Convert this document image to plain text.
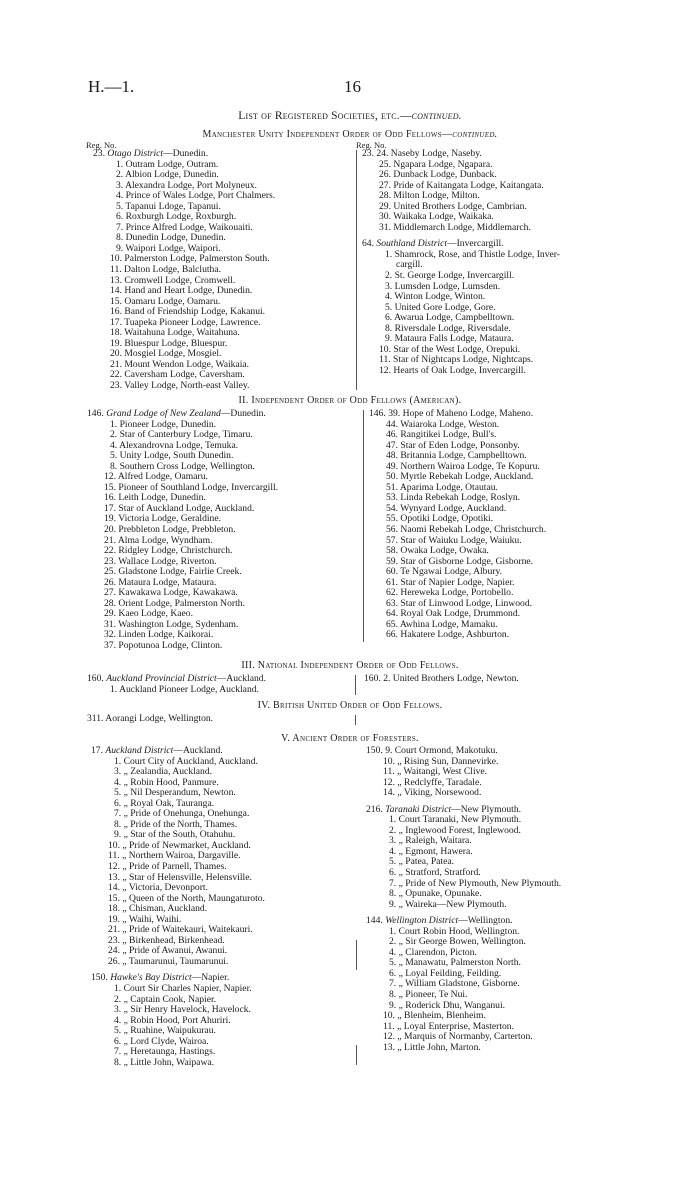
H.—1.	16
List of Registered Societies, etc.—continued.
Manchester Unity Independent Order of Odd Fellows—continued.
Reg. No.	Reg. No.
23. Otago District—Dunedin.
1. Outram Lodge, Outram.
2. Albion Lodge, Dunedin.
3. Alexandra Lodge, Port Molyneux.
4. Prince of Wales Lodge, Port Chalmers.
5. Tapanui Ldoge, Tapanui.
6. Roxburgh Lodge, Roxburgh.
7. Prince Alfred Lodge, Waikouaiti.
8. Dunedin Lodge, Dunedin.
9. Waipori Lodge, Waipori.
10. Palmerston Lodge, Palmerston South.
11. Dalton Lodge, Balclutha.
13. Cromwell Lodge, Cromwell.
14. Hand and Heart Lodge, Dunedin.
15. Oamaru Lodge, Oamaru.
16. Band of Friendship Lodge, Kakanui.
17. Tuapeka Pioneer Lodge, Lawrence.
18. Waitahuna Lodge, Waitahuna.
19. Bluespur Lodge, Bluespur.
20. Mosgiel Lodge, Mosgiel.
21. Mount Wendon Lodge, Waikaia.
22. Caversham Lodge, Caversham.
23. Valley Lodge, North-east Valley.
23. 24. Naseby Lodge, Naseby.
25. Ngapara Lodge, Ngapara.
26. Dunback Lodge, Dunback.
27. Pride of Kaitangata Lodge, Kaitangata.
28. Milton Lodge, Milton.
29. United Brothers Lodge, Cambrian.
30. Waikaka Lodge, Waikaka.
31. Middlemarch Lodge, Middlemarch.

64. Southland District—Invercargill.
1. Shamrock, Rose, and Thistle Lodge, Inver-
cargill.
2. St. George Lodge, Invercargill.
3. Lumsden Lodge, Lumsden.
4. Winton Lodge, Winton.
5. United Gore Lodge, Gore.
6. Awarua Lodge, Campbelltown.
8. Riversdale Lodge, Riversdale.
9. Mataura Falls Lodge, Mataura.
10. Star of the West Lodge, Orepuki.
11. Star of Nightcaps Lodge, Nightcaps.
12. Hearts of Oak Lodge, Invercargill.
II. Independent Order of Odd Fellows (American).
146. Grand Lodge of New Zealand—Dunedin.
1. Pioneer Lodge, Dunedin.
2. Star of Canterbury Lodge, Timaru.
4. Alexandrovna Lodge, Temuka.
5. Unity Lodge, South Dunedin.
8. Southern Cross Lodge, Wellington.
12. Alfred Lodge, Oamaru.
15. Pioneer of Southland Lodge, Invercargill.
16. Leith Lodge, Dunedin.
17. Star of Auckland Lodge, Auckland.
19. Victoria Lodge, Geraldine.
20. Prebbleton Lodge, Prebbleton.
21. Alma Lodge, Wyndham.
22. Ridgley Lodge, Christchurch.
23. Wallace Lodge, Riverton.
25. Gladstone Lodge, Fairlie Creek.
26. Mataura Lodge, Mataura.
27. Kawakawa Lodge, Kawakawa.
28. Orient Lodge, Palmerston North.
29. Kaeo Lodge, Kaeo.
31. Washington Lodge, Sydenham.
32. Linden Lodge, Kaikorai.
37. Popotunoa Lodge, Clinton.
146. 39. Hope of Maheno Lodge, Maheno.
44. Waiaroka Lodge, Weston.
46. Rangitikei Lodge, Bull's.
47. Star of Eden Lodge, Ponsonby.
48. Britannia Lodge, Campbelltown.
49. Northern Wairoa Lodge, Te Kopuru.
50. Myrtle Rebekah Lodge, Auckland.
51. Aparima Lodge, Otautau.
53. Linda Rebekah Lodge, Roslyn.
54. Wynyard Lodge, Auckland.
55. Opotiki Lodge, Opotiki.
56. Naomi Rebekah Lodge, Christchurch.
57. Star of Waiuku Lodge, Waiuku.
58. Owaka Lodge, Owaka.
59. Star of Gisborne Lodge, Gisborne.
60. Te Ngawai Lodge, Albury.
61. Star of Napier Lodge, Napier.
62. Hereweka Lodge, Portobello.
63. Star of Linwood Lodge, Linwood.
64. Royal Oak Lodge, Drummond.
65. Awhina Lodge, Mamaku.
66. Hakatere Lodge, Ashburton.
III. National Independent Order of Odd Fellows.
160. Auckland Provincial District—Auckland.
1. Auckland Pioneer Lodge, Auckland.
160. 2. United Brothers Lodge, Newton.
IV. British United Order of Odd Fellows.
311. Aorangi Lodge, Wellington.
V. Ancient Order of Foresters.
17. Auckland District—Auckland.
1. Court City of Auckland, Auckland.
3. „ Zealandia, Auckland.
4. „ Robin Hood, Panmure.
5. „ Nil Desperandum, Newton.
6. „ Royal Oak, Tauranga.
7. „ Pride of Onehunga, Onehunga.
8. „ Pride of the North, Thames.
9. „ Star of the South, Otahuhu.
10. „ Pride of Newmarket, Auckland.
11. „ Northern Wairoa, Dargaville.
12. „ Pride of Parnell, Thames.
13. „ Star of Helensville, Helensville.
14. „ Victoria, Devonport.
15. „ Queen of the North, Maungaturoto.
18. „ Chisman, Auckland.
19. „ Waihi, Waihi.
21. „ Pride of Waitekauri, Waitekauri.
23. „ Birkenhead, Birkenhead.
24. „ Pride of Awanui, Awanui.
26. „ Taumarunui, Taumarunui.

150. Hawke's Bay District—Napier.
1. Court Sir Charles Napier, Napier.
2. „ Captain Cook, Napier.
3. „ Sir Henry Havelock, Havelock.
4. „ Robin Hood, Port Ahuriri.
5. „ Ruahine, Waipukurau.
6. „ Lord Clyde, Wairoa.
7. „ Heretaunga, Hastings.
8. „ Little John, Waipawa.
150. 9. Court Ormond, Makotuku.
10. „ Rising Sun, Dannevirke.
11. „ Waitangi, West Clive.
12. „ Redclyffe, Taradale.
14. „ Viking, Norsewood.

216. Taranaki District—New Plymouth.
1. Court Taranaki, New Plymouth.
2. „ Inglewood Forest, Inglewood.
3. „ Raleigh, Waitara.
4. „ Egmont, Hawera.
5. „ Patea, Patea.
6. „ Stratford, Stratford.
7. „ Pride of New Plymouth, New Plymouth.
8. „ Opunake, Opunake.
9. „ Waireka—New Plymouth.

144. Wellington District—Wellington.
1. Court Robin Hood, Wellington.
2. „ Sir George Bowen, Wellington.
4. „ Clarendon, Picton.
5. „ Manawatu, Palmerston North.
6. „ Loyal Feilding, Feilding.
7. „ William Gladstone, Gisborne.
8. „ Pioneer, Te Nui.
9. „ Roderick Dhu, Wanganui.
10. „ Blenheim, Blenheim.
11. „ Loyal Enterprise, Masterton.
12. „ Marquis of Normanby, Carterton.
13. „ Little John, Marton.
